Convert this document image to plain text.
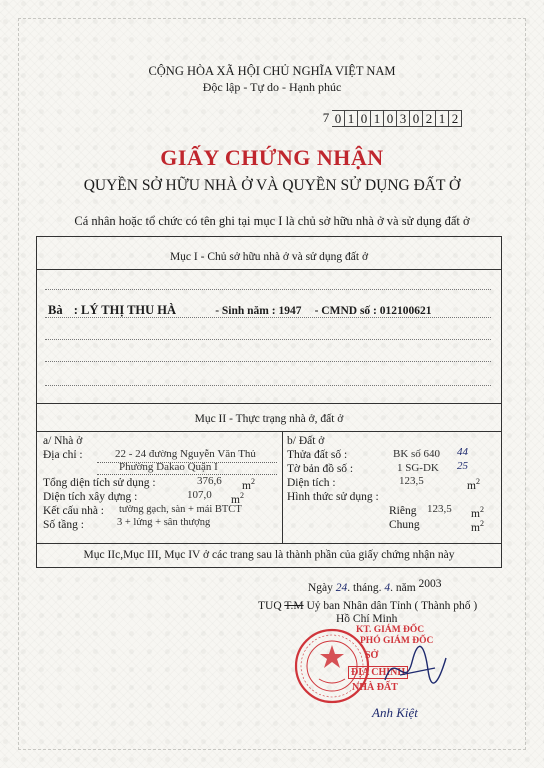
CỘNG HÒA XÃ HỘI CHỦ NGHĨA VIỆT NAM
Độc lập - Tự do - Hạnh phúc
7 0 1 0 1 0 3 0 2 1 2
GIẤY CHỨNG NHẬN
QUYỀN SỞ HỮU NHÀ Ở VÀ QUYỀN SỬ DỤNG ĐẤT Ở
Cá nhân hoặc tổ chức có tên ghi tại mục I là chủ sở hữu nhà ở và sử dụng đất ở
Mục I - Chủ sở hữu nhà ở và sử dụng đất ở
Mục II - Thực trạng nhà ở, đất ở
a/ Nhà ở
Địa chỉ :	22 - 24 đường Nguyễn Văn Thủ
Phường Dakao Quận I
Tổng diện tích sử dụng :	376,6 $m^2$
Diện tích xây dựng :	107,0 $m^2$
Kết cấu nhà : tường gạch, sàn + mái BTCT
Số tầng :	3 + lửng + sân thượng
b/ Đất ở
Thửa đất số :	BK số 640 44
Tờ bản đồ số :	1 SG-DK 25
Diện tích :	123,5	$m^2$
Hình thức sử dụng :
Riêng 123,5 $m^2$
Chung	$m^2$
Mục IIc,Mục III, Mục IV ở các trang sau là thành phần của giấy chứng nhận này
Bà : LÝ THỊ THU HÀ	- Sinh năm : 1947 - CMND số : 012100621
Ngày 24. tháng. 4. năm 2003
TUQ T.M Uỷ ban Nhân dân Tỉnh ( Thành phố )
Hồ Chí Minh
KT. GIÁM ĐỐC
PHÓ GIÁM ĐỐC
SỞ
ĐỊA CHÍNH
NHÀ ĐẤT
Anh Kiệt
